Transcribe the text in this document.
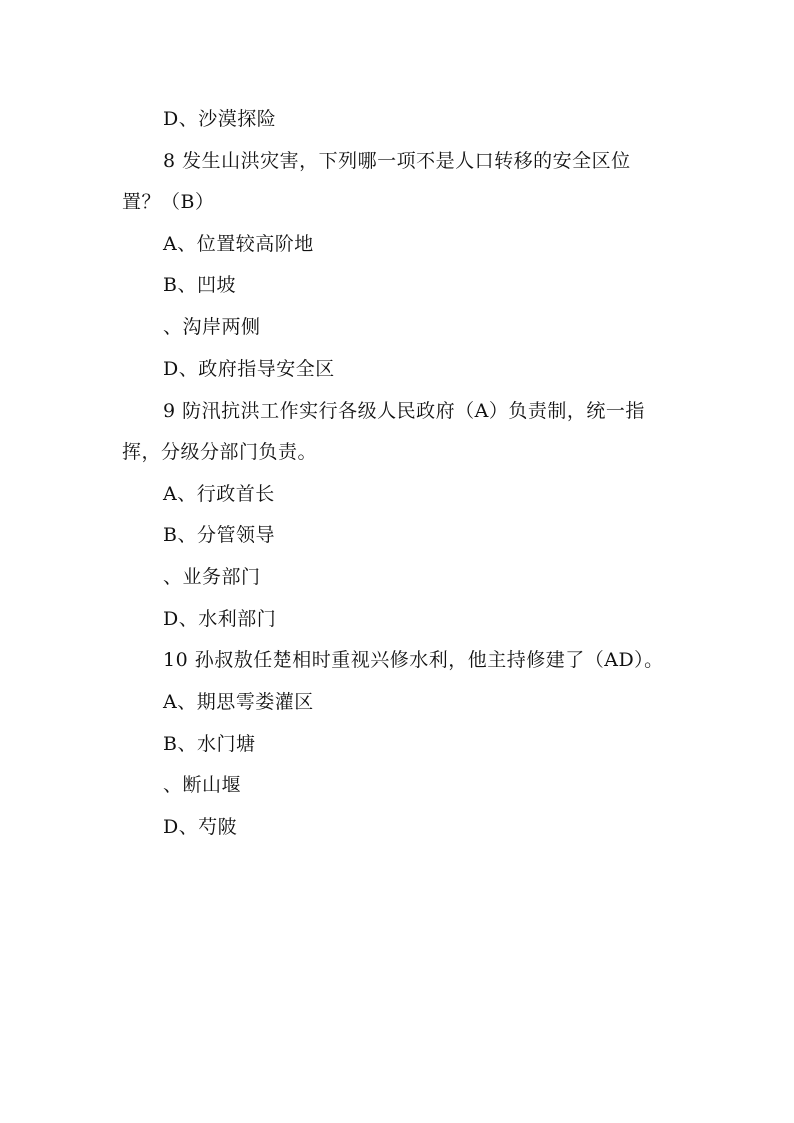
D、沙漠探险
8 发生山洪灾害，下列哪一项不是人口转移的安全区位
置？（B）
A、位置较高阶地
B、凹坡
、沟岸两侧
D、政府指导安全区
9 防汛抗洪工作实行各级人民政府（A）负责制，统一指
挥，分级分部门负责。
A、行政首长
B、分管领导
、业务部门
D、水利部门
10 孙叔敖任楚相时重视兴修水利，他主持修建了（AD）。
A、期思雩娄灌区
B、水门塘
、断山堰
D、芍陂
